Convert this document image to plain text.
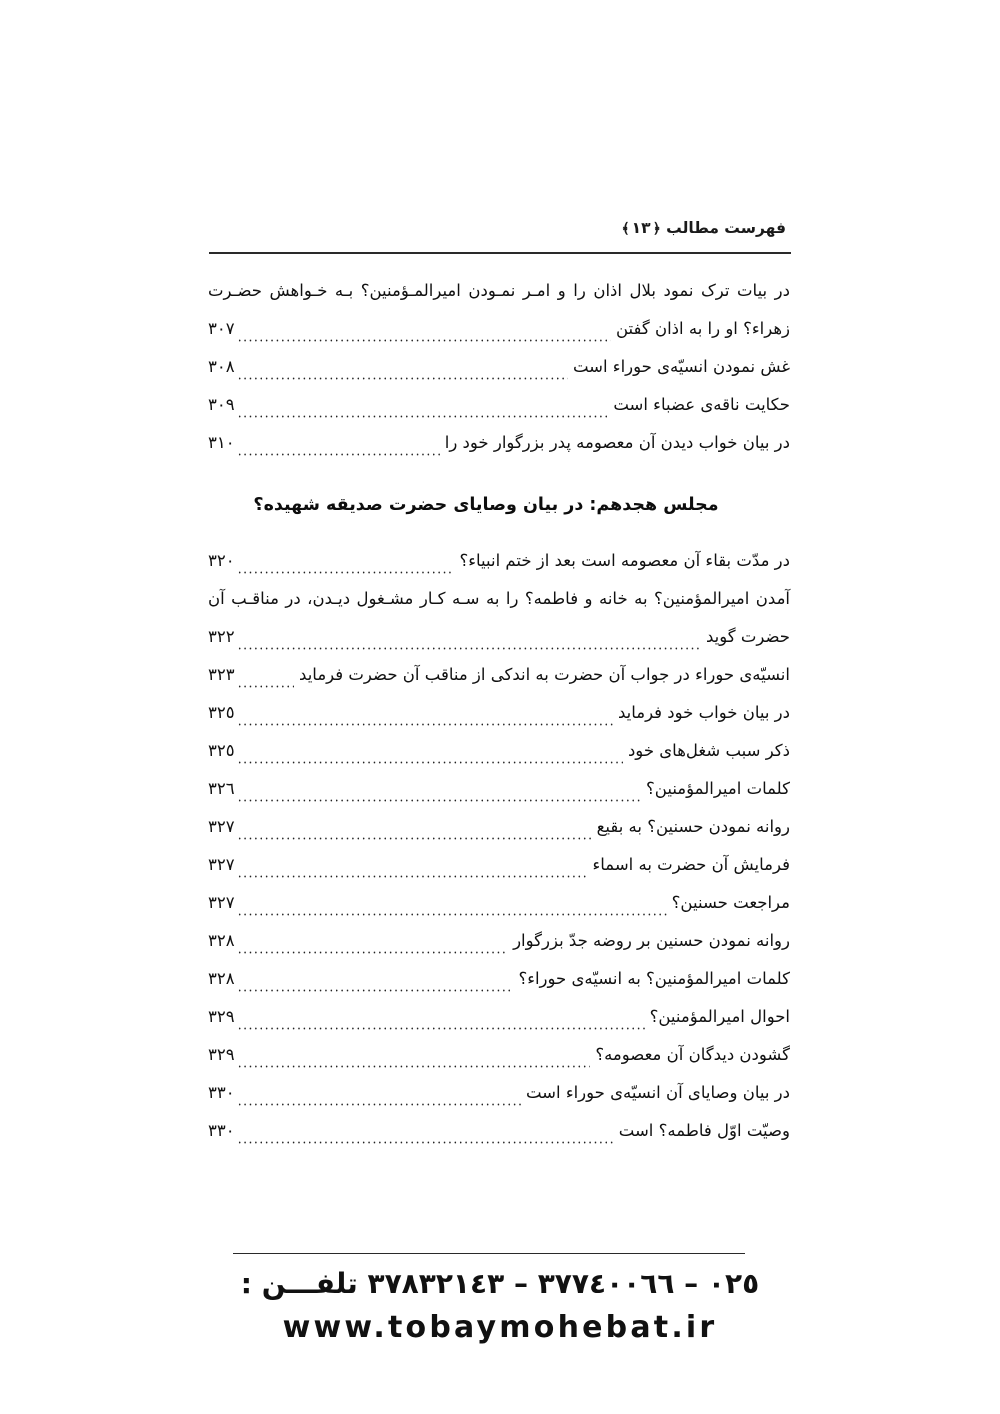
فهرست مطالب ﴿١٣﴾
در بیات ترک نمود بلال اذان را و امـر نمـودن امیرالمـؤمنین؟ بـه خـواهش حضـرت
زهراء؟ او را به اذان گفتن
٣٠٧
غش نمودن انسیّه‌ی حوراء است
٣٠٨
حکایت ناقه‌ی عضباء است
٣٠٩
در بیان خواب دیدن آن معصومه پدر بزرگوار خود را
٣١٠
مجلس هجدهم: در بیان وصایای حضرت صدیقه شهیده؟
در مدّت بقاء آن معصومه است بعد از ختم انبیاء؟
٣٢٠
آمدن امیرالمؤمنین؟ به خانه و فاطمه؟ را به سـه کـار مشـغول دیـدن، در مناقـب آن
حضرت گوید
٣٢٢
انسیّه‌ی حوراء در جواب آن حضرت به اندکی از مناقب آن حضرت فرماید
٣٢٣
در بیان خواب خود فرماید
٣٢٥
ذکر سبب شغل‌های خود
٣٢٥
کلمات امیرالمؤمنین؟
٣٢٦
روانه نمودن حسنین؟ به بقیع
٣٢٧
فرمایش آن حضرت به اسماء
٣٢٧
مراجعت حسنین؟
٣٢٧
روانه نمودن حسنین بر روضه جدّ بزرگوار
٣٢٨
کلمات امیرالمؤمنین؟ به انسیّه‌ی حوراء؟
٣٢٨
احوال امیرالمؤمنین؟
٣٢٩
گشودن دیدگان آن معصومه؟
٣٢٩
در بیان وصایای آن انسیّه‌ی حوراء است
٣٣٠
وصیّت اوّل فاطمه؟ است
٣٣٠
٠٢٥ – ٣٧٧٤٠٠٦٦ – ٣٧٨٣٢١٤٣ تلفـــن :
www.tobaymohebat.ir
